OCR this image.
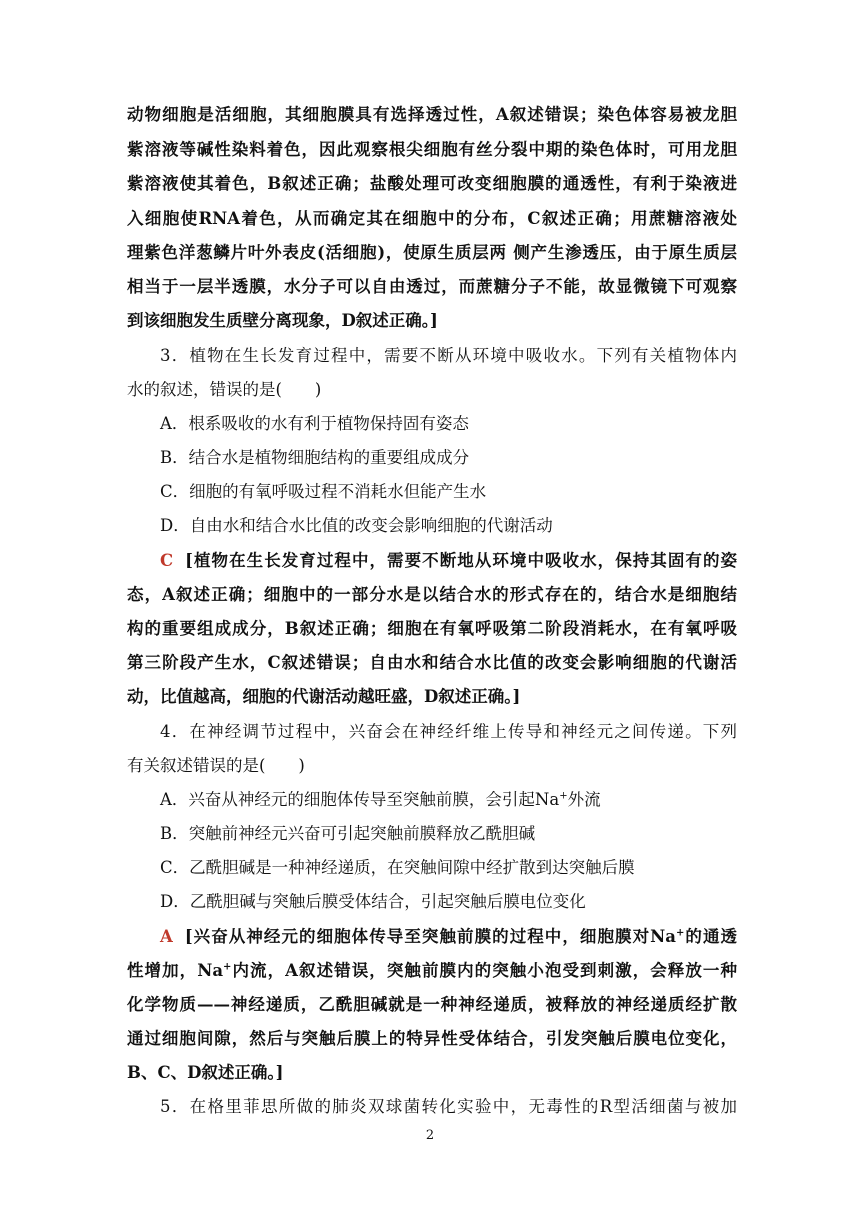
动物细胞是活细胞，其细胞膜具有选择透过性，A叙述错误；染色体容易被龙胆
紫溶液等碱性染料着色，因此观察根尖细胞有丝分裂中期的染色体时，可用龙胆
紫溶液使其着色，B叙述正确；盐酸处理可改变细胞膜的通透性，有利于染液进
入细胞使RNA着色，从而确定其在细胞中的分布，C叙述正确；用蔗糖溶液处
理紫色洋葱鳞片叶外表皮(活细胞)，使原生质层两 侧产生渗透压，由于原生质层
相当于一层半透膜，水分子可以自由透过，而蔗糖分子不能，故显微镜下可观察
到该细胞发生质壁分离现象，D叙述正确。]
3．植物在生长发育过程中，需要不断从环境中吸收水。下列有关植物体内
水的叙述，错误的是(　　)
A．根系吸收的水有利于植物保持固有姿态
B．结合水是植物细胞结构的重要组成成分
C．细胞的有氧呼吸过程不消耗水但能产生水
D．自由水和结合水比值的改变会影响细胞的代谢活动
C [植物在生长发育过程中，需要不断地从环境中吸收水，保持其固有的姿
态，A叙述正确；细胞中的一部分水是以结合水的形式存在的，结合水是细胞结
构的重要组成成分，B叙述正确；细胞在有氧呼吸第二阶段消耗水，在有氧呼吸
第三阶段产生水，C叙述错误；自由水和结合水比值的改变会影响细胞的代谢活
动，比值越高，细胞的代谢活动越旺盛，D叙述正确。]
4．在神经调节过程中，兴奋会在神经纤维上传导和神经元之间传递。下列
有关叙述错误的是(　　)
A．兴奋从神经元的细胞体传导至突触前膜，会引起Na+外流
B．突触前神经元兴奋可引起突触前膜释放乙酰胆碱
C．乙酰胆碱是一种神经递质，在突触间隙中经扩散到达突触后膜
D．乙酰胆碱与突触后膜受体结合，引起突触后膜电位变化
A [兴奋从神经元的细胞体传导至突触前膜的过程中，细胞膜对Na+的通透
性增加，Na+内流，A叙述错误，突触前膜内的突触小泡受到刺激，会释放一种
化学物质——神经递质，乙酰胆碱就是一种神经递质，被释放的神经递质经扩散
通过细胞间隙，然后与突触后膜上的特异性受体结合，引发突触后膜电位变化，
B、C、D叙述正确。]
5．在格里菲思所做的肺炎双球菌转化实验中，无毒性的R型活细菌与被加
2
